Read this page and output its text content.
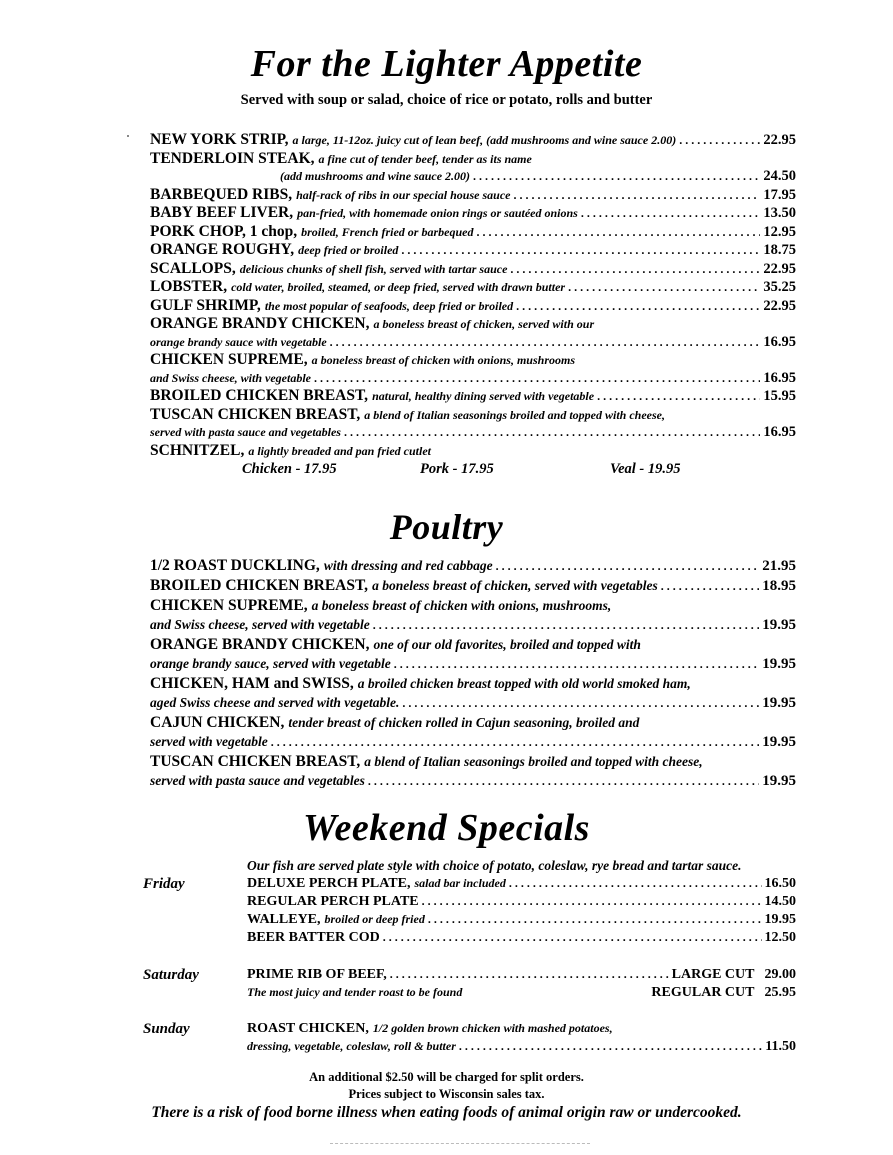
For the Lighter Appetite
Served with soup or salad, choice of rice or potato, rolls and butter
NEW YORK STRIP, a large, 11-12oz. juicy cut of lean beef, (add mushrooms and wine sauce 2.00) . . .	22.95
TENDERLOIN STEAK, a fine cut of tender beef, tender as its name
(add mushrooms and wine sauce 2.00) . . .	24.50
BARBEQUED RIBS, half-rack of ribs in our special house sauce . . .	17.95
BABY BEEF LIVER, pan-fried, with homemade onion rings or sautéed onions . . .	13.50
PORK CHOP, 1 chop, broiled, French fried or barbequed . . .	12.95
ORANGE ROUGHY, deep fried or broiled . . .	18.75
SCALLOPS, delicious chunks of shell fish, served with tartar sauce . . .	22.95
LOBSTER, cold water, broiled, steamed, or deep fried, served with drawn butter . . .	35.25
GULF SHRIMP, the most popular of seafoods, deep fried or broiled . . .	22.95
ORANGE BRANDY CHICKEN, a boneless breast of chicken, served with our
orange brandy sauce with vegetable . . .	16.95
CHICKEN SUPREME, a boneless breast of chicken with onions, mushrooms
and Swiss cheese, with vegetable . . .	16.95
BROILED CHICKEN BREAST, natural, healthy dining served with vegetable . . .	15.95
TUSCAN CHICKEN BREAST, a blend of Italian seasonings broiled and topped with cheese,
served with pasta sauce and vegetables . . .	16.95
SCHNITZEL, a lightly breaded and pan fried cutlet
Chicken - 17.95	Pork - 17.95	Veal - 19.95
Poultry
1/2 ROAST DUCKLING, with dressing and red cabbage . . .	21.95
BROILED CHICKEN BREAST, a boneless breast of chicken, served with vegetables . . .	18.95
CHICKEN SUPREME, a boneless breast of chicken with onions, mushrooms,
and Swiss cheese, served with vegetable . . .	19.95
ORANGE BRANDY CHICKEN, one of our old favorites, broiled and topped with
orange brandy sauce, served with vegetable . . .	19.95
CHICKEN, HAM and SWISS, a broiled chicken breast topped with old world smoked ham,
aged Swiss cheese and served with vegetable. . . .	19.95
CAJUN CHICKEN, tender breast of chicken rolled in Cajun seasoning, broiled and
served with vegetable . . .	19.95
TUSCAN CHICKEN BREAST, a blend of Italian seasonings broiled and topped with cheese,
served with pasta sauce and vegetables . . .	19.95
Weekend Specials
Our fish are served plate style with choice of potato, coleslaw, rye bread and tartar sauce.
Friday	DELUXE PERCH PLATE, salad bar included . . .	16.50
REGULAR PERCH PLATE . . .	14.50
WALLEYE, broiled or deep fried . . .	19.95
BEER BATTER COD . . .	12.50
Saturday	PRIME RIB OF BEEF, . . .	LARGE CUT 29.00
The most juicy and tender roast to be found	REGULAR CUT 25.95
Sunday	ROAST CHICKEN, 1/2 golden brown chicken with mashed potatoes,
dressing, vegetable, coleslaw, roll & butter . . .	11.50
An additional $2.50 will be charged for split orders.
Prices subject to Wisconsin sales tax.
There is a risk of food borne illness when eating foods of animal origin raw or undercooked.
